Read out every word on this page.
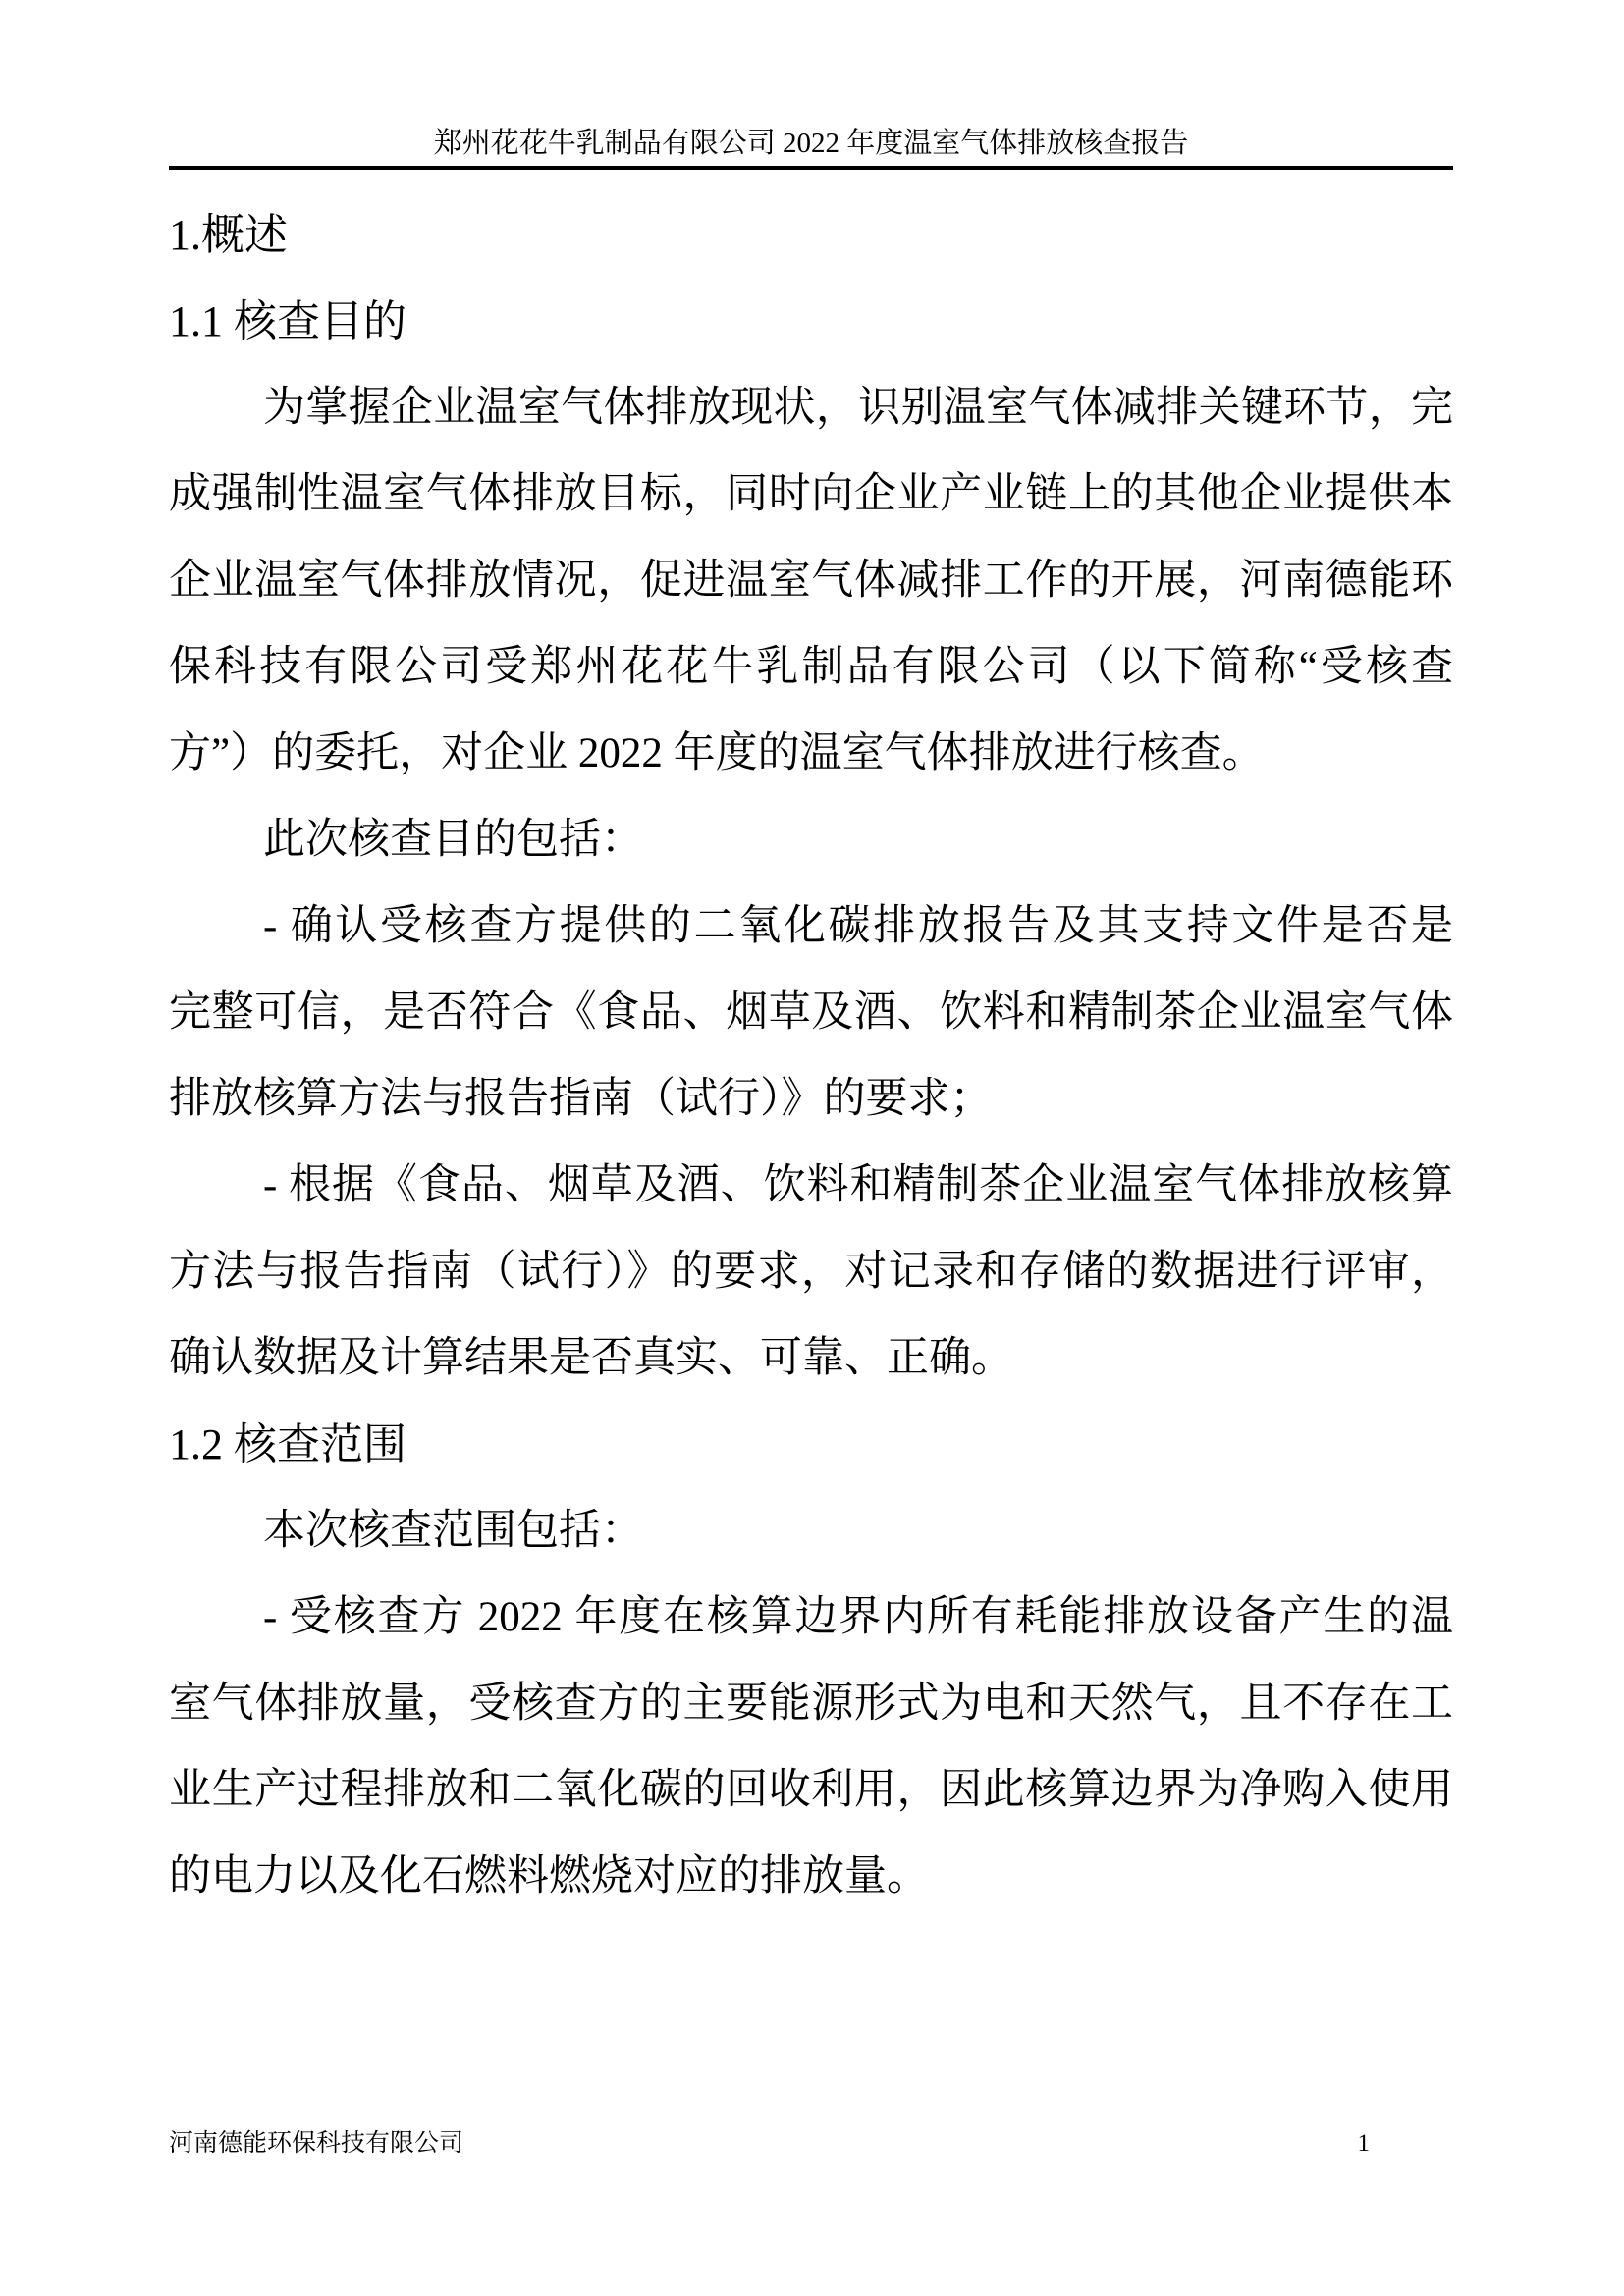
郑州花花牛乳制品有限公司 2022 年度温室气体排放核查报告
1.概述
1.1 核查目的
为掌握企业温室气体排放现状，识别温室气体减排关键环节，完
成强制性温室气体排放目标，同时向企业产业链上的其他企业提供本
企业温室气体排放情况，促进温室气体减排工作的开展，河南德能环
保科技有限公司受郑州花花牛乳制品有限公司（以下简称“受核查
方”）的委托，对企业 2022 年度的温室气体排放进行核查。
此次核查目的包括：
- 确认受核查方提供的二氧化碳排放报告及其支持文件是否是
完整可信，是否符合《食品、烟草及酒、饮料和精制茶企业温室气体
排放核算方法与报告指南（试行）》的要求；
- 根据《食品、烟草及酒、饮料和精制茶企业温室气体排放核算
方法与报告指南（试行）》的要求，对记录和存储的数据进行评审，
确认数据及计算结果是否真实、可靠、正确。
1.2 核查范围
本次核查范围包括：
- 受核查方 2022 年度在核算边界内所有耗能排放设备产生的温
室气体排放量，受核查方的主要能源形式为电和天然气，且不存在工
业生产过程排放和二氧化碳的回收利用，因此核算边界为净购入使用
的电力以及化石燃料燃烧对应的排放量。
河南德能环保科技有限公司	1
